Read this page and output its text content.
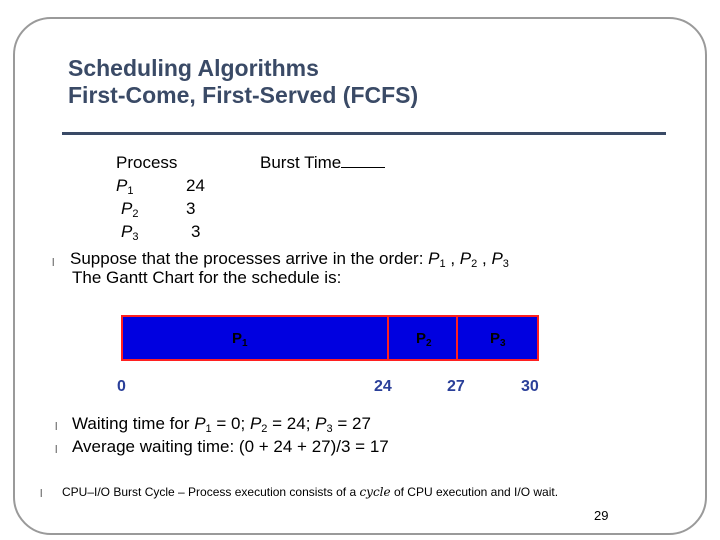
Scheduling Algorithms
First-Come, First-Served (FCFS)
Process	Burst Time
$P_1$	24
$P_2$	3
$P_3$	3
l Suppose that the processes arrive in the order: $P_1$ , $P_2$ , $P_3$
The Gantt Chart for the schedule is:
$P_1$	$P_2$	$P_3$
0	24	27	30
l Waiting time for $P_1 = 0$; $P_2 = 24$; $P_3 = 27$
l Average waiting time: (0 + 24 + 27)/3 = 17
l CPU–I/O Burst Cycle – Process execution consists of a cycle of CPU execution and I/O wait.
29
